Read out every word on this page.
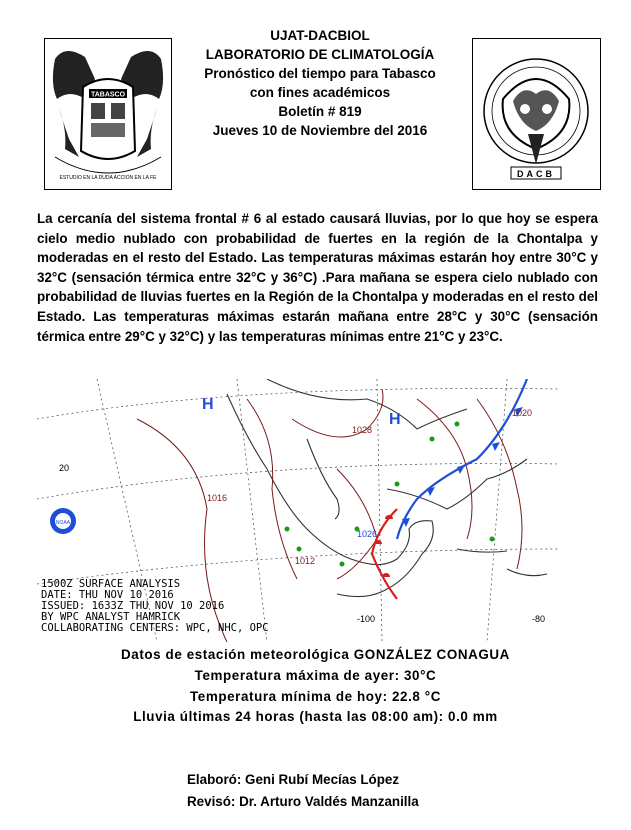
TABASCO
ESTUDIO EN LA DUDA ACCION EN LA FE
UJAT-DACBIOL
LABORATORIO DE CLIMATOLOGÍA
Pronóstico del tiempo para Tabasco
con fines académicos
Boletín # 819
Jueves 10 de Noviembre del 2016
DACB
La cercanía del sistema frontal # 6 al estado causará lluvias, por lo que hoy se espera cielo medio nublado con probabilidad de fuertes en la región de la Chontalpa y moderadas en el resto del Estado. Las temperaturas máximas estarán hoy entre 30°C y 32°C (sensación térmica entre 32°C y 36°C) .Para mañana se espera cielo nublado con probabilidad de lluvias fuertes en la Región de la Chontalpa y moderadas en el resto del Estado. Las temperaturas máximas estarán mañana entre 28°C y 30°C (sensación térmica entre 29°C y 32°C) y las temperaturas mínimas entre 21°C y 23°C.
20
1016
1020
1028
1026
1012
-100	-80
H
H
NOAA
1500Z SURFACE ANALYSIS
DATE: THU NOV 10 2016
ISSUED: 1633Z THU NOV 10 2016
BY WPC ANALYST HAMRICK
COLLABORATING CENTERS: WPC, NHC, OPC
Datos de estación meteorológica GONZÁLEZ CONAGUA
Temperatura máxima de ayer: 30°C
Temperatura mínima de hoy: 22.8 °C
Lluvia últimas 24 horas (hasta las 08:00 am): 0.0 mm
Elaboró: Geni Rubí Mecías López
Revisó: Dr. Arturo Valdés Manzanilla
